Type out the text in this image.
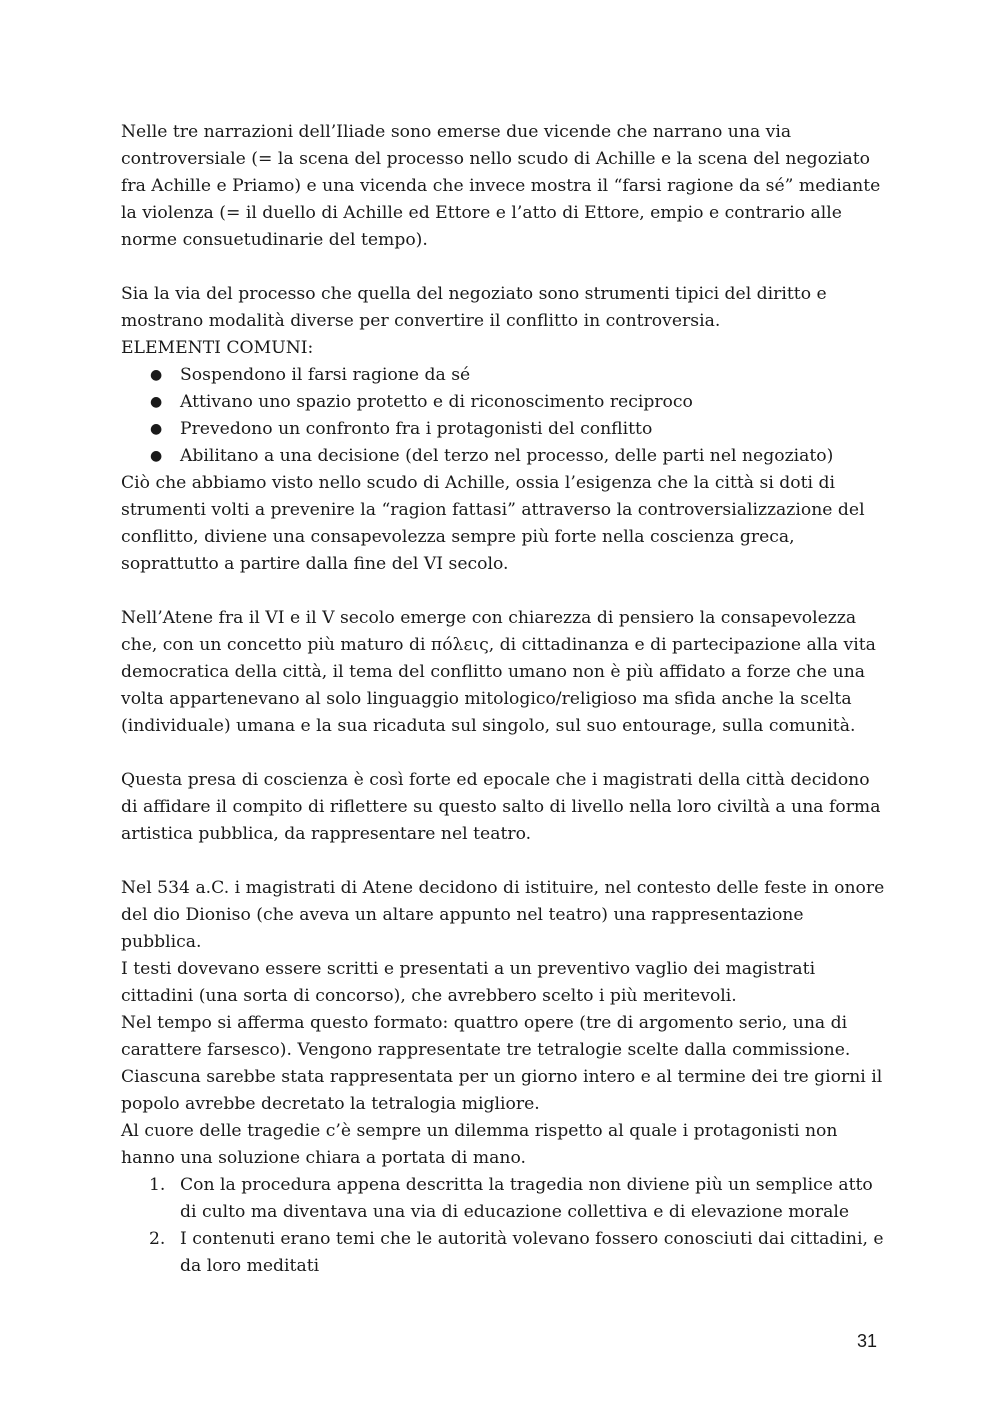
Nelle tre narrazioni dell’Iliade sono emerse due vicende che narrano una via controversiale (= la scena del processo nello scudo di Achille e la scena del negoziato fra Achille e Priamo) e una vicenda che invece mostra il “farsi ragione da sé” mediante la violenza (= il duello di Achille ed Ettore e l’atto di Ettore, empio e contrario alle norme consuetudinarie del tempo).

Sia la via del processo che quella del negoziato sono strumenti tipici del diritto e mostrano modalità diverse per convertire il conflitto in controversia.

ELEMENTI COMUNI:

● Sospendono il farsi ragione da sé
● Attivano uno spazio protetto e di riconoscimento reciproco
● Prevedono un confronto fra i protagonisti del conflitto
● Abilitano a una decisione (del terzo nel processo, delle parti nel negoziato)

Ciò che abbiamo visto nello scudo di Achille, ossia l’esigenza che la città si doti di strumenti volti a prevenire la “ragion fattasi” attraverso la controversializzazione del conflitto, diviene una consapevolezza sempre più forte nella coscienza greca, soprattutto a partire dalla fine del VI secolo.

Nell’Atene fra il VI e il V secolo emerge con chiarezza di pensiero la consapevolezza che, con un concetto più maturo di πόλεις, di cittadinanza e di partecipazione alla vita democratica della città, il tema del conflitto umano non è più affidato a forze che una volta appartenevano al solo linguaggio mitologico/religioso ma sfida anche la scelta (individuale) umana e la sua ricaduta sul singolo, sul suo entourage, sulla comunità.

Questa presa di coscienza è così forte ed epocale che i magistrati della città decidono di affidare il compito di riflettere su questo salto di livello nella loro civiltà a una forma artistica pubblica, da rappresentare nel teatro.

Nel 534 a.C. i magistrati di Atene decidono di istituire, nel contesto delle feste in onore del dio Dioniso (che aveva un altare appunto nel teatro) una rappresentazione pubblica.

I testi dovevano essere scritti e presentati a un preventivo vaglio dei magistrati cittadini (una sorta di concorso), che avrebbero scelto i più meritevoli.

Nel tempo si afferma questo formato: quattro opere (tre di argomento serio, una di carattere farsesco). Vengono rappresentate tre tetralogie scelte dalla commissione. Ciascuna sarebbe stata rappresentata per un giorno intero e al termine dei tre giorni il popolo avrebbe decretato la tetralogia migliore.

Al cuore delle tragedie c’è sempre un dilemma rispetto al quale i protagonisti non hanno una soluzione chiara a portata di mano.

1. Con la procedura appena descritta la tragedia non diviene più un semplice atto di culto ma diventava una via di educazione collettiva e di elevazione morale
2. I contenuti erano temi che le autorità volevano fossero conosciuti dai cittadini, e da loro meditati
31
